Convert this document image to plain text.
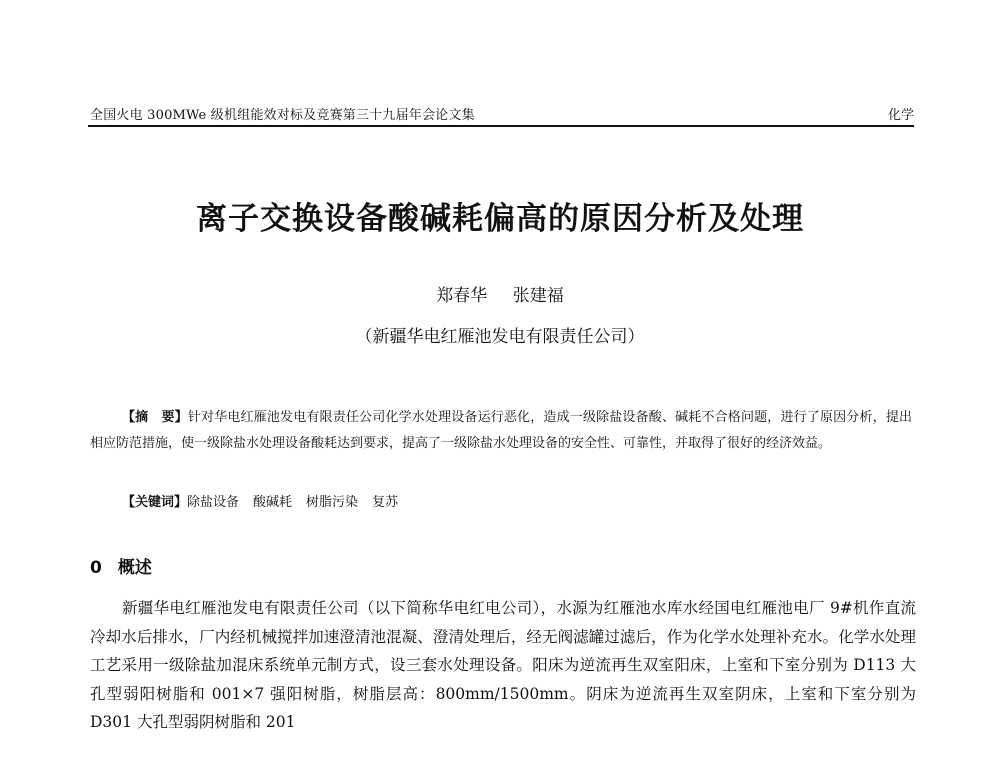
全国火电 300MWe 级机组能效对标及竞赛第三十九届年会论文集	化学
离子交换设备酸碱耗偏高的原因分析及处理
郑春华 张建福
（新疆华电红雁池发电有限责任公司）
【摘　要】针对华电红雁池发电有限责任公司化学水处理设备运行恶化，造成一级除盐设备酸、碱耗不合格问题，进行了原因分析，提出相应防范措施，使一级除盐水处理设备酸耗达到要求，提高了一级除盐水处理设备的安全性、可靠性，并取得了很好的经济效益。
【关键词】除盐设备 酸碱耗 树脂污染 复苏
0 概述
新疆华电红雁池发电有限责任公司（以下简称华电红电公司），水源为红雁池水库水经国电红雁池电厂 9#机作直流冷却水后排水，厂内经机械搅拌加速澄清池混凝、澄清处理后，经无阀滤罐过滤后，作为化学水处理补充水。化学水处理工艺采用一级除盐加混床系统单元制方式，设三套水处理设备。阳床为逆流再生双室阳床，上室和下室分别为 D113 大孔型弱阳树脂和 001×7 强阳树脂，树脂层高：800mm/1500mm。阴床为逆流再生双室阴床，上室和下室分别为 D301 大孔型弱阴树脂和 201
